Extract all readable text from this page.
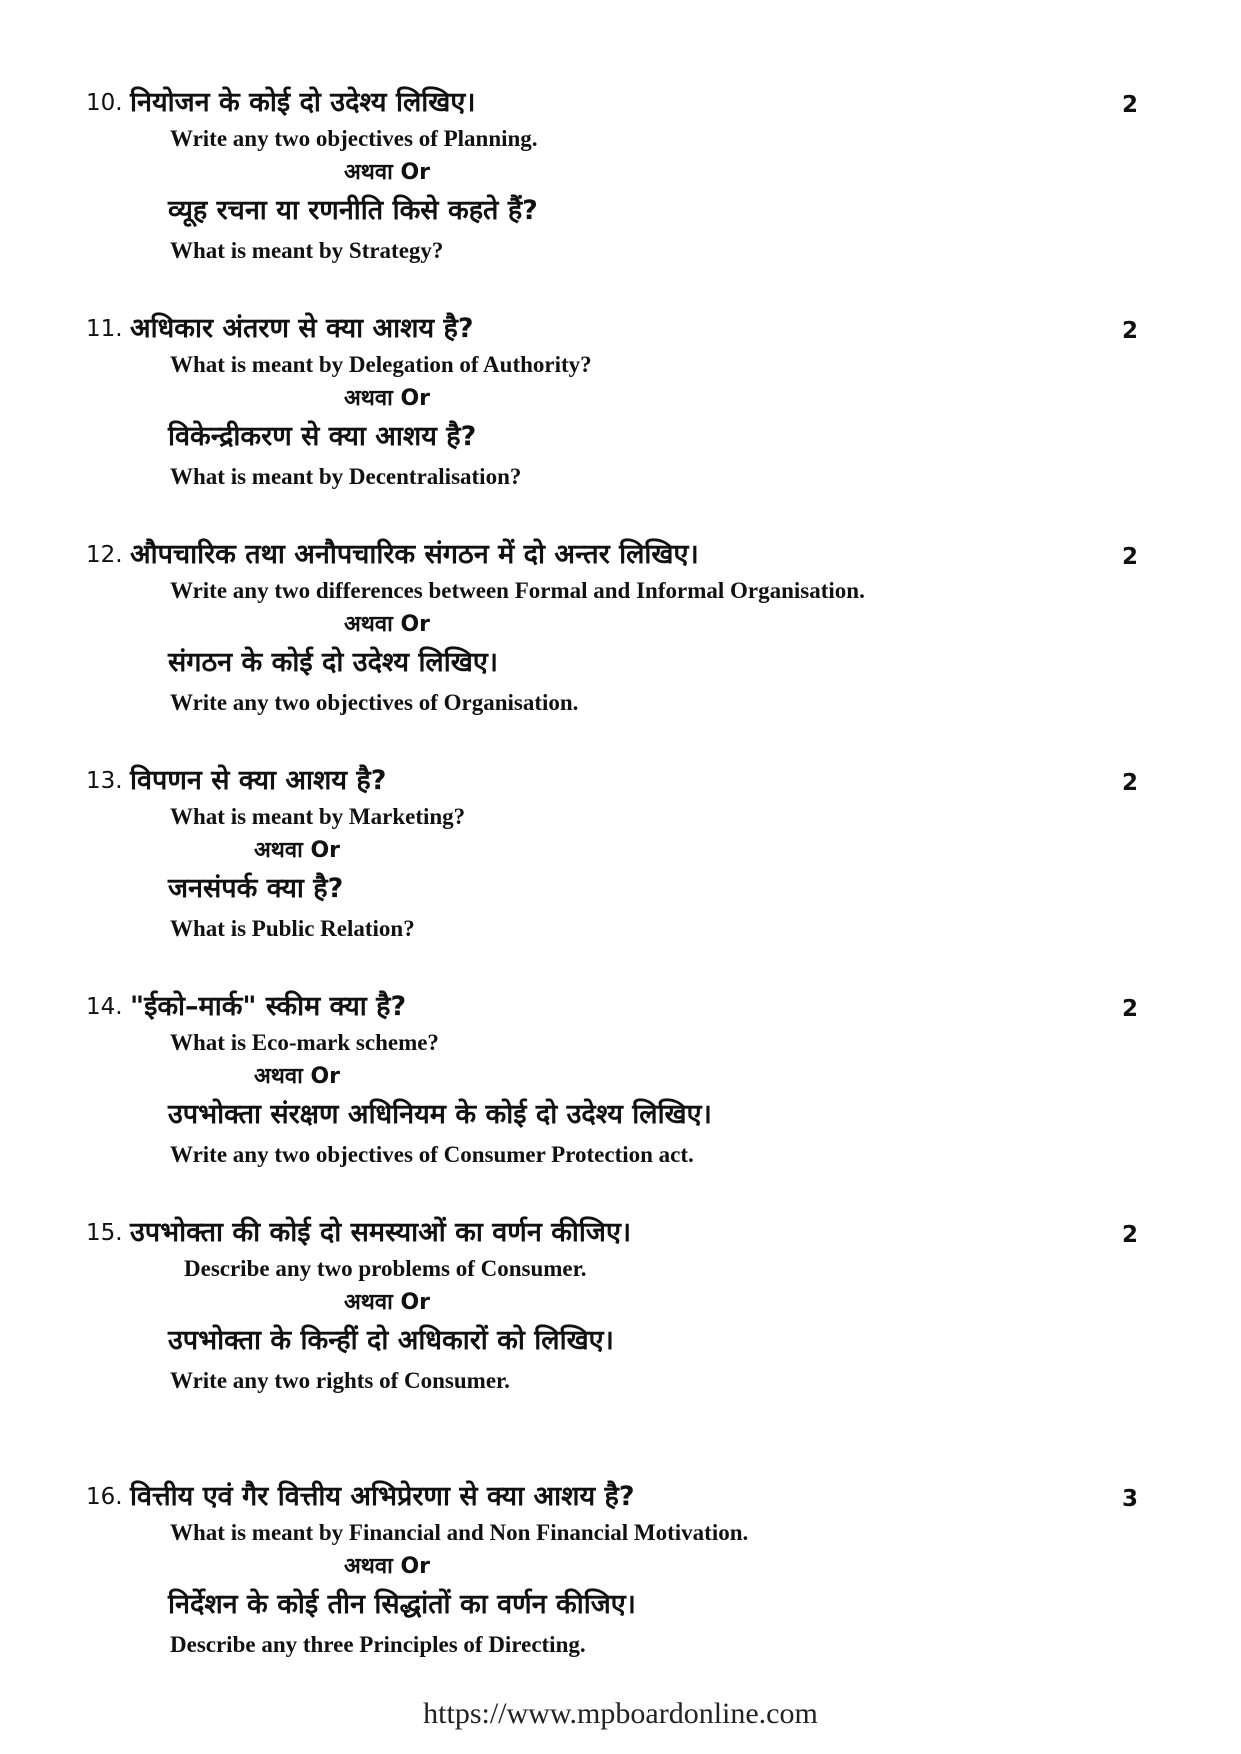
10. नियोजन के कोई दो उदेश्य लिखिए।	2
Write any two objectives of Planning.
अथवा Or
व्यूह रचना या रणनीति किसे कहते हैं?
What is meant by Strategy?
11. अधिकार अंतरण से क्या आशय है?	2
What is meant by Delegation of Authority?
अथवा Or
विकेन्द्रीकरण से क्या आशय है?
What is meant by Decentralisation?
12. औपचारिक तथा अनौपचारिक संगठन में दो अन्तर लिखिए।	2
Write any two differences between Formal and Informal Organisation.
अथवा Or
संगठन के कोई दो उदेश्य लिखिए।
Write any two objectives of Organisation.
13. विपणन से क्या आशय है?	2
What is meant by Marketing?
अथवा Or
जनसंपर्क क्या है?
What is Public Relation?
14. "ईको–मार्क" स्कीम क्या है?	2
What is Eco-mark scheme?
अथवा Or
उपभोक्ता संरक्षण अधिनियम के कोई दो उदेश्य लिखिए।
Write any two objectives of Consumer Protection act.
15. उपभोक्ता की कोई दो समस्याओं का वर्णन कीजिए।	2
Describe any two problems of Consumer.
अथवा Or
उपभोक्ता के किन्हीं दो अधिकारों को लिखिए।
Write any two rights of Consumer.
16. वित्तीय एवं गैर वित्तीय अभिप्रेरणा से क्या आशय है?	3
What is meant by Financial and Non Financial Motivation.
अथवा Or
निर्देशन के कोई तीन सिद्धांतों का वर्णन कीजिए।
Describe any three Principles of Directing.
https://www.mpboardonline.com
